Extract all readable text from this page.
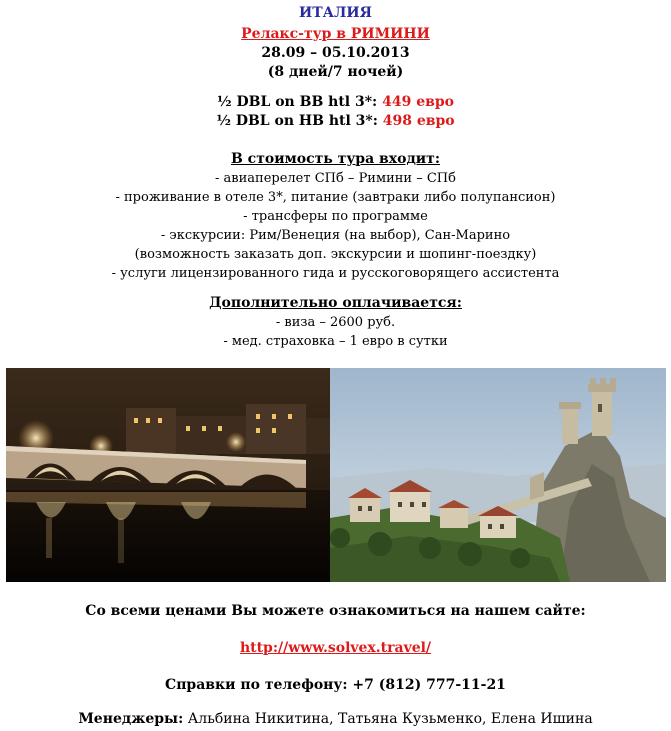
ИТАЛИЯ
Релакс-тур в РИМИНИ
28.09 – 05.10.2013
(8 дней/7 ночей)
½ DBL on BB htl 3*: 449 евро
½ DBL on HB htl 3*: 498 евро
В стоимость тура входит:
- авиаперелет СПб – Римини – СПб
- проживание в отеле 3*, питание (завтраки либо полупансион)
- трансферы по программе
- экскурсии: Рим/Венеция (на выбор), Сан-Марино
(возможность заказать доп. экскурсии и шопинг-поездку)
- услуги лицензированного гида и русскоговорящего ассистента
Дополнительно оплачивается:
- виза – 2600 руб.
- мед. страховка – 1 евро в сутки
Со всеми ценами Вы можете ознакомиться на нашем сайте:
http://www.solvex.travel/
Справки по телефону: +7 (812) 777-11-21
Менеджеры: Альбина Никитина, Татьяна Кузьменко, Елена Ишина
